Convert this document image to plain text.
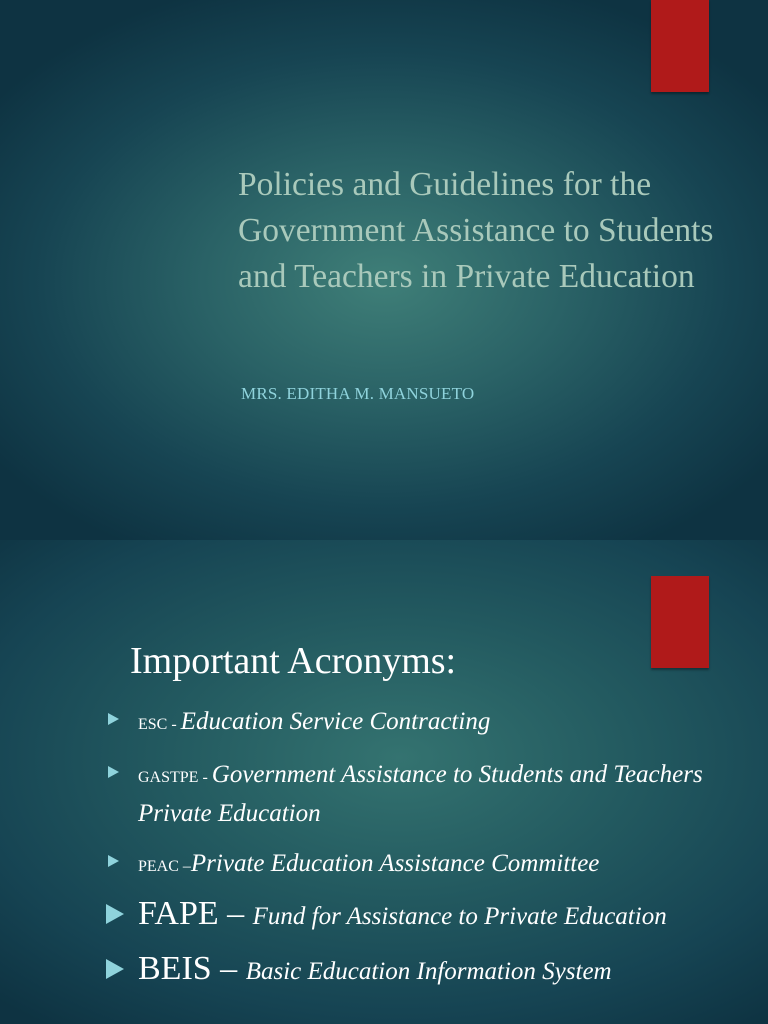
Policies and Guidelines for the Government Assistance to Students and Teachers in Private Education
MRS. EDITHA M. MANSUETO
Important Acronyms:
ESC - Education Service Contracting
GASTPE - Government Assistance to Students and Teachers Private Education
PEAC –Private Education Assistance Committee
FAPE – Fund for Assistance to Private Education
BEIS – Basic Education Information System
